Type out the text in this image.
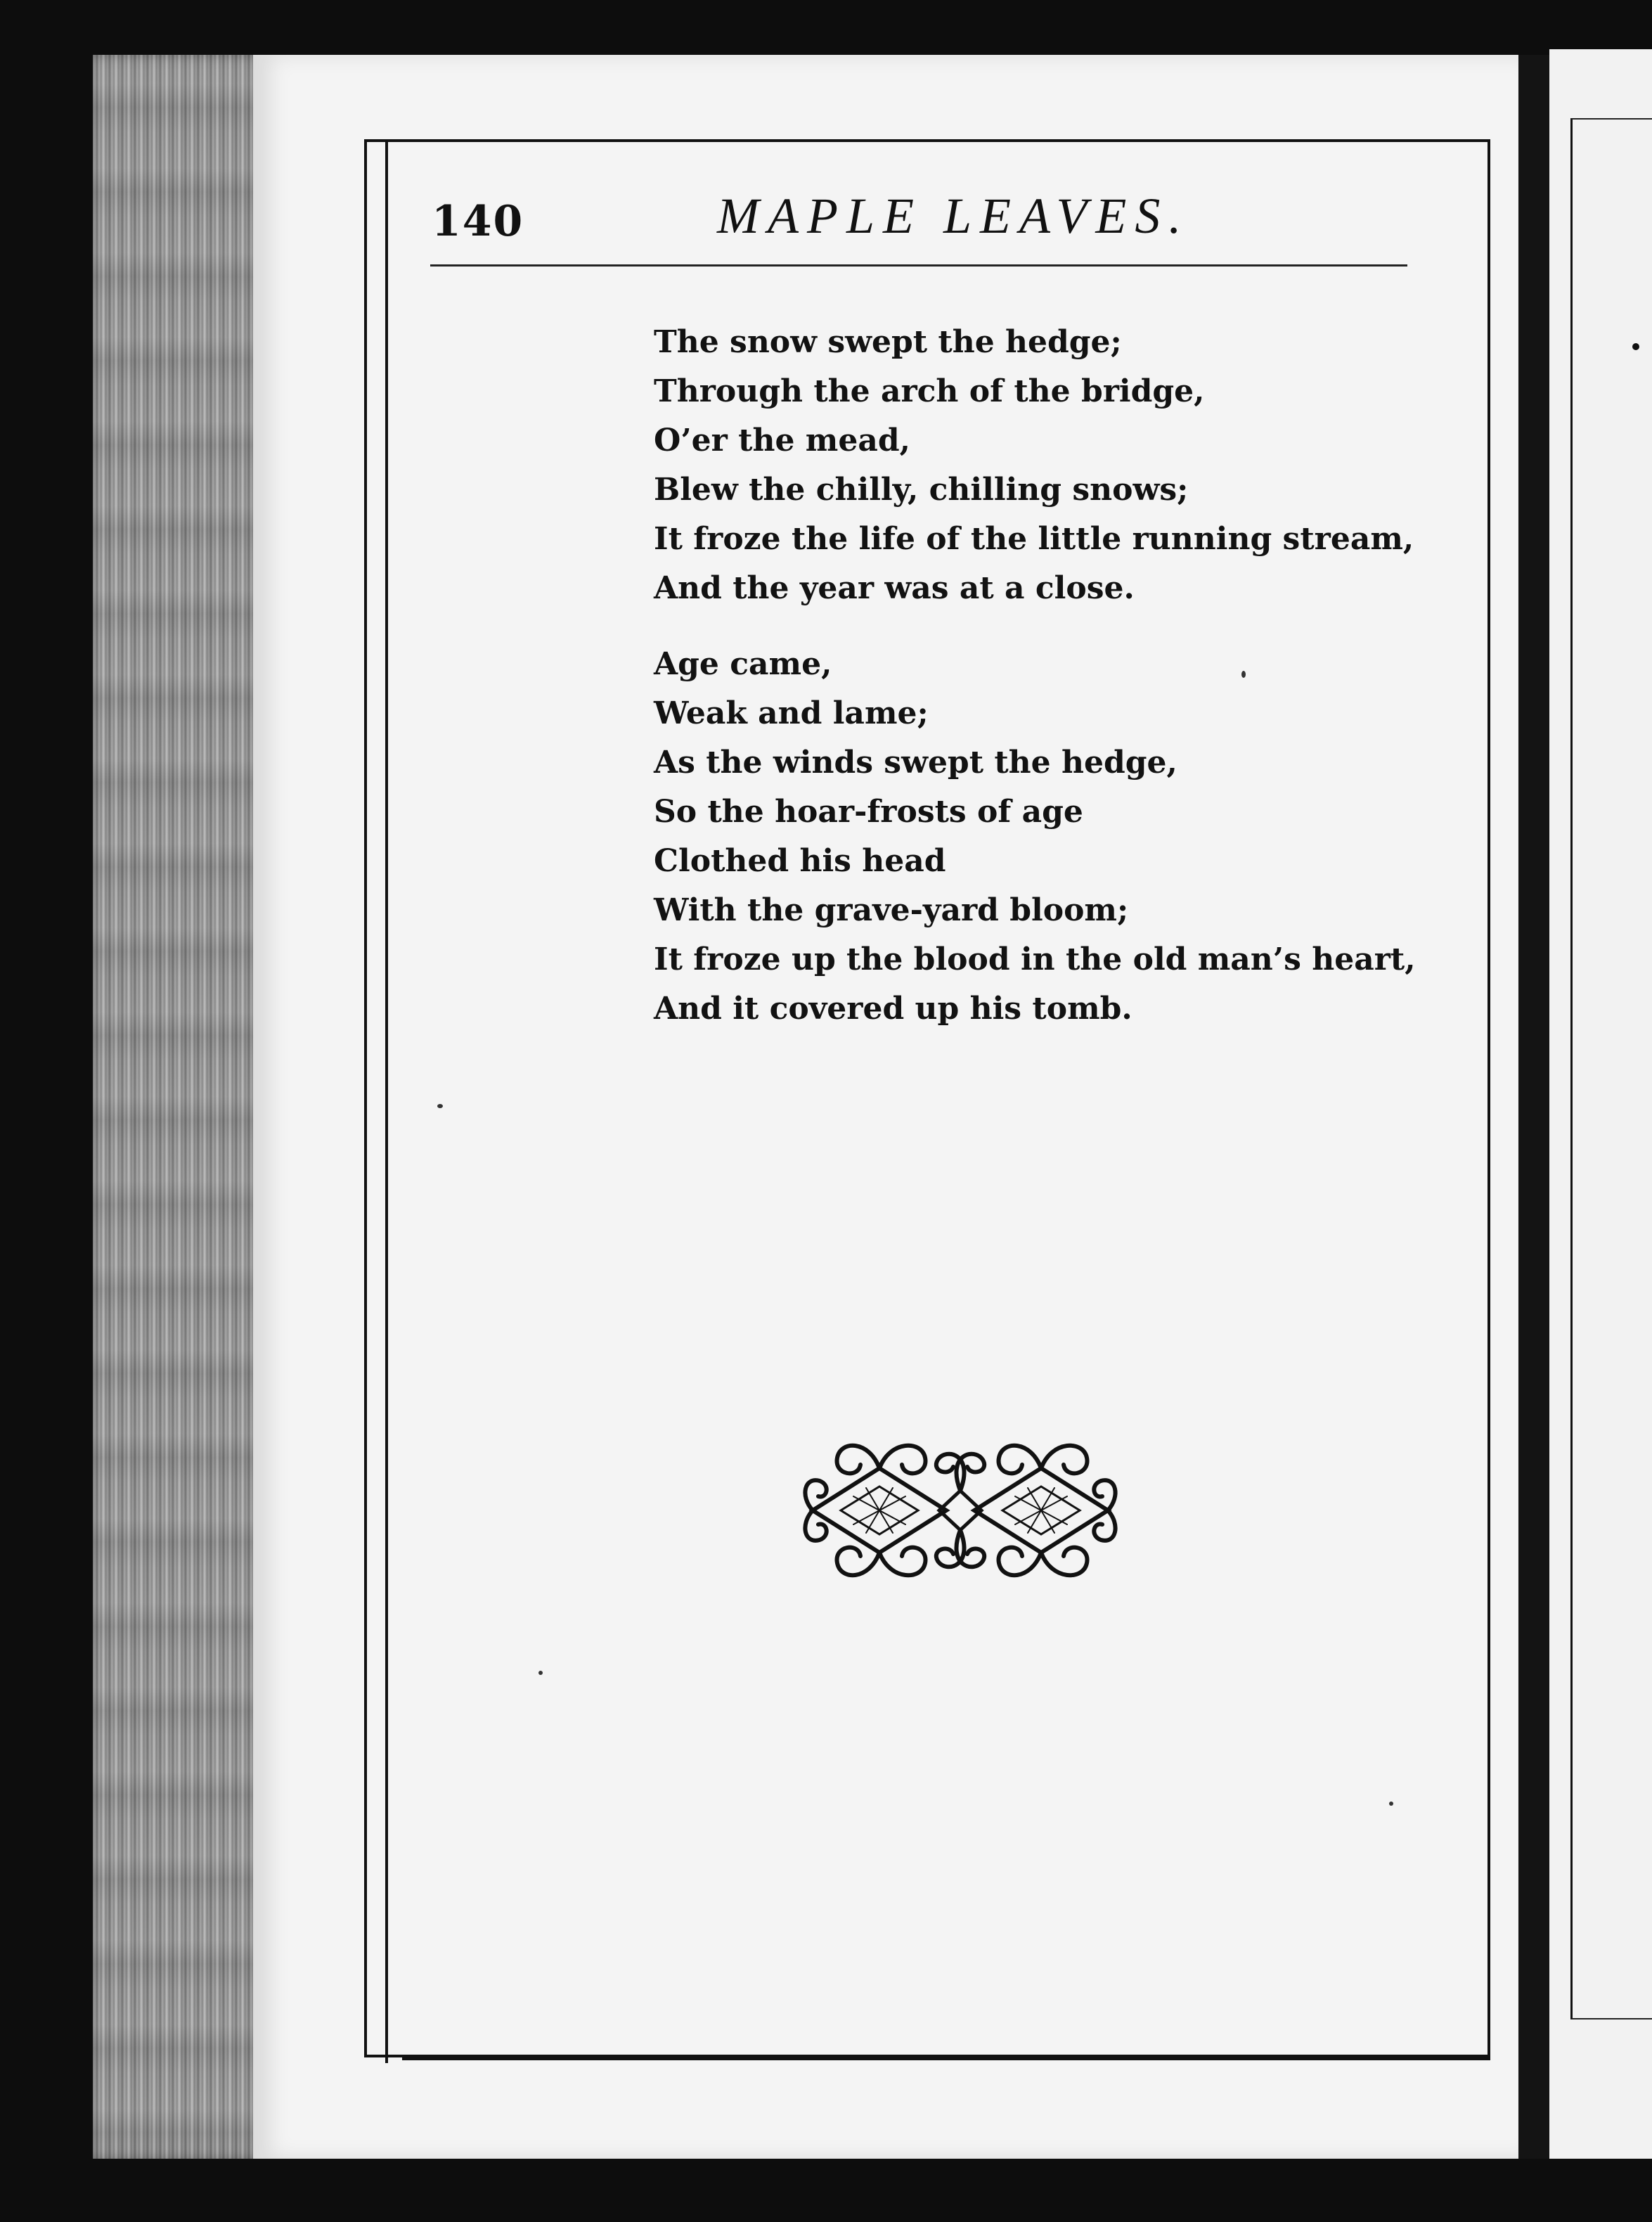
140	MAPLE LEAVES.
The snow swept the hedge;
Through the arch of the bridge,
O’er the mead,
Blew the chilly, chilling snows;
It froze the life of the little running stream,
And the year was at a close.
Age came,
Weak and lame;
As the winds swept the hedge,
So the hoar-frosts of age
Clothed his head
With the grave-yard bloom;
It froze up the blood in the old man’s heart,
And it covered up his tomb.
